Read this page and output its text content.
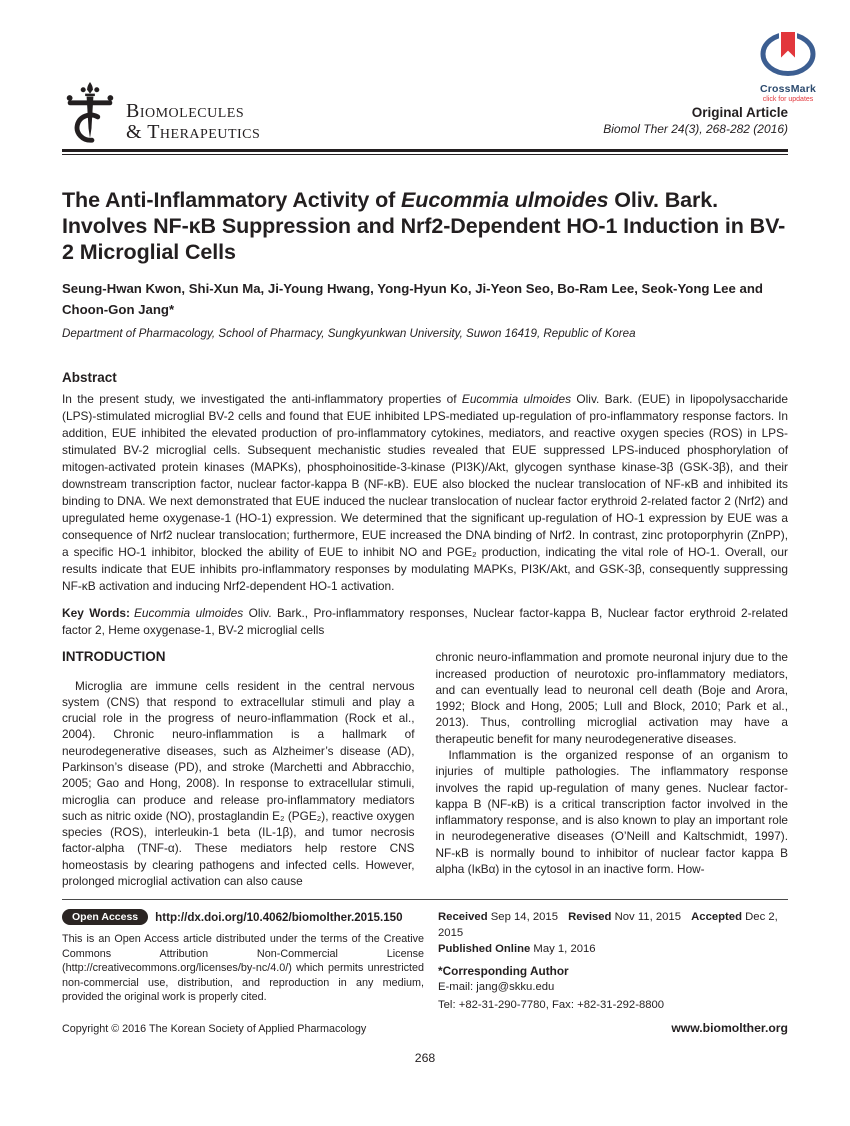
CrossMark
click for updates
Biomolecules
& Therapeutics
Original Article
Biomol Ther 24(3), 268-282 (2016)
The Anti-Inflammatory Activity of Eucommia ulmoides Oliv. Bark. Involves NF-κB Suppression and Nrf2-Dependent HO-1 Induction in BV-2 Microglial Cells
Seung-Hwan Kwon, Shi-Xun Ma, Ji-Young Hwang, Yong-Hyun Ko, Ji-Yeon Seo, Bo-Ram Lee, Seok-Yong Lee and Choon-Gon Jang*
Department of Pharmacology, School of Pharmacy, Sungkyunkwan University, Suwon 16419, Republic of Korea
Abstract

In the present study, we investigated the anti-inflammatory properties of Eucommia ulmoides Oliv. Bark. (EUE) in lipopolysaccharide (LPS)-stimulated microglial BV-2 cells and found that EUE inhibited LPS-mediated up-regulation of pro-inflammatory response factors. In addition, EUE inhibited the elevated production of pro-inflammatory cytokines, mediators, and reactive oxygen species (ROS) in LPS-stimulated BV-2 microglial cells. Subsequent mechanistic studies revealed that EUE suppressed LPS-induced phosphorylation of mitogen-activated protein kinases (MAPKs), phosphoinositide-3-kinase (PI3K)/Akt, glycogen synthase kinase-3β (GSK-3β), and their downstream transcription factor, nuclear factor-kappa B (NF-κB). EUE also blocked the nuclear translocation of NF-κB and inhibited its binding to DNA. We next demonstrated that EUE induced the nuclear translocation of nuclear factor erythroid 2-related factor 2 (Nrf2) and upregulated heme oxygenase-1 (HO-1) expression. We determined that the significant up-regulation of HO-1 expression by EUE was a consequence of Nrf2 nuclear translocation; furthermore, EUE increased the DNA binding of Nrf2. In contrast, zinc protoporphyrin (ZnPP), a specific HO-1 inhibitor, blocked the ability of EUE to inhibit NO and PGE₂ production, indicating the vital role of HO-1. Overall, our results indicate that EUE inhibits pro-inflammatory responses by modulating MAPKs, PI3K/Akt, and GSK-3β, consequently suppressing NF-κB activation and inducing Nrf2-dependent HO-1 activation.

Key Words: Eucommia ulmoides Oliv. Bark., Pro-inflammatory responses, Nuclear factor-kappa B, Nuclear factor erythroid 2-related factor 2, Heme oxygenase-1, BV-2 microglial cells

INTRODUCTION

Microglia are immune cells resident in the central nervous system (CNS) that respond to extracellular stimuli and play a crucial role in the progress of neuro-inflammation (Rock et al., 2004). Chronic neuro-inflammation is a hallmark of neurodegenerative diseases, such as Alzheimer’s disease (AD), Parkinson’s disease (PD), and stroke (Marchetti and Abbracchio, 2005; Gao and Hong, 2008). In response to extracellular stimuli, microglia can produce and release pro-inflammatory mediators such as nitric oxide (NO), prostaglandin E₂ (PGE₂), reactive oxygen species (ROS), interleukin-1 beta (IL-1β), and tumor necrosis factor-alpha (TNF-α). These mediators help restore CNS homeostasis by clearing pathogens and infected cells. However, prolonged microglial activation can also cause

chronic neuro-inflammation and promote neuronal injury due to the increased production of neurotoxic pro-inflammatory mediators, and can eventually lead to neuronal cell death (Boje and Arora, 1992; Block and Hong, 2005; Lull and Block, 2010; Park et al., 2013). Thus, controlling microglial activation may have a therapeutic benefit for many neurodegenerative diseases.

Inflammation is the organized response of an organism to injuries of multiple pathologies. The inflammatory response involves the rapid up-regulation of many genes. Nuclear factor-kappa B (NF-κB) is a critical transcription factor involved in the inflammatory response, and is also known to play an important role in neurodegenerative diseases (O’Neill and Kaltschmidt, 1997). NF-κB is normally bound to inhibitor of nuclear factor kappa B alpha (IκBα) in the cytosol in an inactive form. How-

Open Access	http://dx.doi.org/10.4062/biomolther.2015.150

This is an Open Access article distributed under the terms of the Creative Commons Attribution Non-Commercial License (http://creativecommons.org/licenses/by-nc/4.0/) which permits unrestricted non-commercial use, distribution, and reproduction in any medium, provided the original work is properly cited.

Copyright © 2016 The Korean Society of Applied Pharmacology
Received Sep 14, 2015 Revised Nov 11, 2015 Accepted Dec 2, 2015
Published Online May 1, 2016
*Corresponding Author
E-mail: jang@skku.edu
Tel: +82-31-290-7780, Fax: +82-31-292-8800
www.biomolther.org
268
